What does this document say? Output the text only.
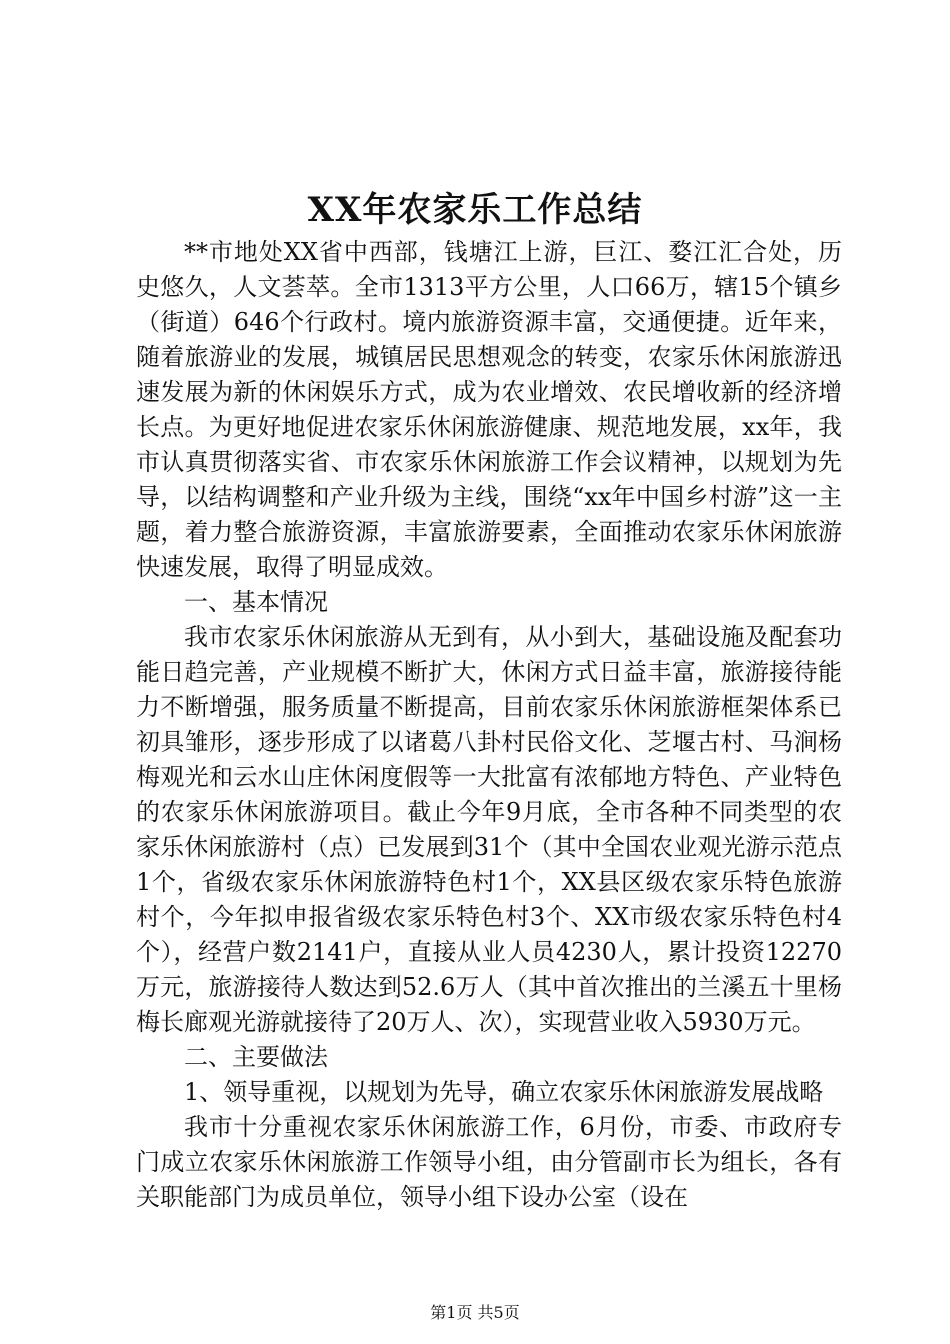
XX年农家乐工作总结

**市地处XX省中西部，钱塘江上游，巨江、婺江汇合处，历史悠久，人文荟萃。全市1313平方公里，人口66万，辖15个镇乡（街道）646个行政村。境内旅游资源丰富，交通便捷。近年来，随着旅游业的发展，城镇居民思想观念的转变，农家乐休闲旅游迅速发展为新的休闲娱乐方式，成为农业增效、农民增收新的经济增长点。为更好地促进农家乐休闲旅游健康、规范地发展，xx年，我市认真贯彻落实省、市农家乐休闲旅游工作会议精神，以规划为先导，以结构调整和产业升级为主线，围绕“xx年中国乡村游”这一主题，着力整合旅游资源，丰富旅游要素，全面推动农家乐休闲旅游快速发展，取得了明显成效。

一、基本情况

我市农家乐休闲旅游从无到有，从小到大，基础设施及配套功能日趋完善，产业规模不断扩大，休闲方式日益丰富，旅游接待能力不断增强，服务质量不断提高，目前农家乐休闲旅游框架体系已初具雏形，逐步形成了以诸葛八卦村民俗文化、芝堰古村、马涧杨梅观光和云水山庄休闲度假等一大批富有浓郁地方特色、产业特色的农家乐休闲旅游项目。截止今年9月底，全市各种不同类型的农家乐休闲旅游村（点）已发展到31个（其中全国农业观光游示范点1个，省级农家乐休闲旅游特色村1个，XX县区级农家乐特色旅游村个，今年拟申报省级农家乐特色村3个、XX市级农家乐特色村4个），经营户数2141户，直接从业人员4230人，累计投资12270万元，旅游接待人数达到52.6万人（其中首次推出的兰溪五十里杨梅长廊观光游就接待了20万人、次），实现营业收入5930万元。

二、主要做法

1、领导重视，以规划为先导，确立农家乐休闲旅游发展战略

我市十分重视农家乐休闲旅游工作，6月份，市委、市政府专门成立农家乐休闲旅游工作领导小组，由分管副市长为组长，各有关职能部门为成员单位，领导小组下设办公室（设在

第1页 共5页
